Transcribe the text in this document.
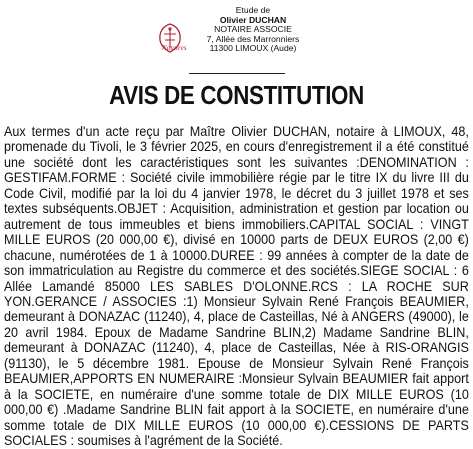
Notaires
Etude de
Olivier DUCHAN
NOTAIRE ASSOCIE
7, Allée des Marronniers
11300 LIMOUX (Aude)
AVIS DE CONSTITUTION
Aux termes d'un acte reçu par Maître Olivier DUCHAN, notaire à LIMOUX, 48, promenade du Tivoli, le 3 février 2025, en cours d'enregistrement il a été constitué une société dont les caractéristiques sont les suivantes :DENOMINATION : GESTIFAM.FORME : Société civile immobilière régie par le titre IX du livre III du Code Civil, modifié par la loi du 4 janvier 1978, le décret du 3 juillet 1978 et ses textes subséquents.OBJET : Acquisition, administration et gestion par location ou autrement de tous immeubles et biens immobiliers.CAPITAL SOCIAL : VINGT MILLE EUROS (20 000,00 €), divisé en 10000 parts de DEUX EUROS (2,00 €) chacune, numérotées de 1 à 10000.DUREE : 99 années à compter de la date de son immatriculation au Registre du commerce et des sociétés.SIEGE SOCIAL : 6 Allée Lamandé 85000 LES SABLES D'OLONNE.RCS : LA ROCHE SUR YON.GERANCE / ASSOCIES :1) Monsieur Sylvain René François BEAUMIER, demeurant à DONAZAC (11240), 4, place de Casteillas, Né à ANGERS (49000), le 20 avril 1984. Epoux de Madame Sandrine BLIN,2) Madame Sandrine BLIN, demeurant à DONAZAC (11240), 4, place de Casteillas, Née à RIS-ORANGIS (91130), le 5 décembre 1981. Epouse de Monsieur Sylvain René François BEAUMIER,APPORTS EN NUMERAIRE :Monsieur Sylvain BEAUMIER fait apport à la SOCIETE, en numéraire d'une somme totale de DIX MILLE EUROS (10 000,00 €) .Madame Sandrine BLIN fait apport à la SOCIETE, en numéraire d'une somme totale de DIX MILLE EUROS (10 000,00 €).CESSIONS DE PARTS SOCIALES : soumises à l'agrément de la Société.
